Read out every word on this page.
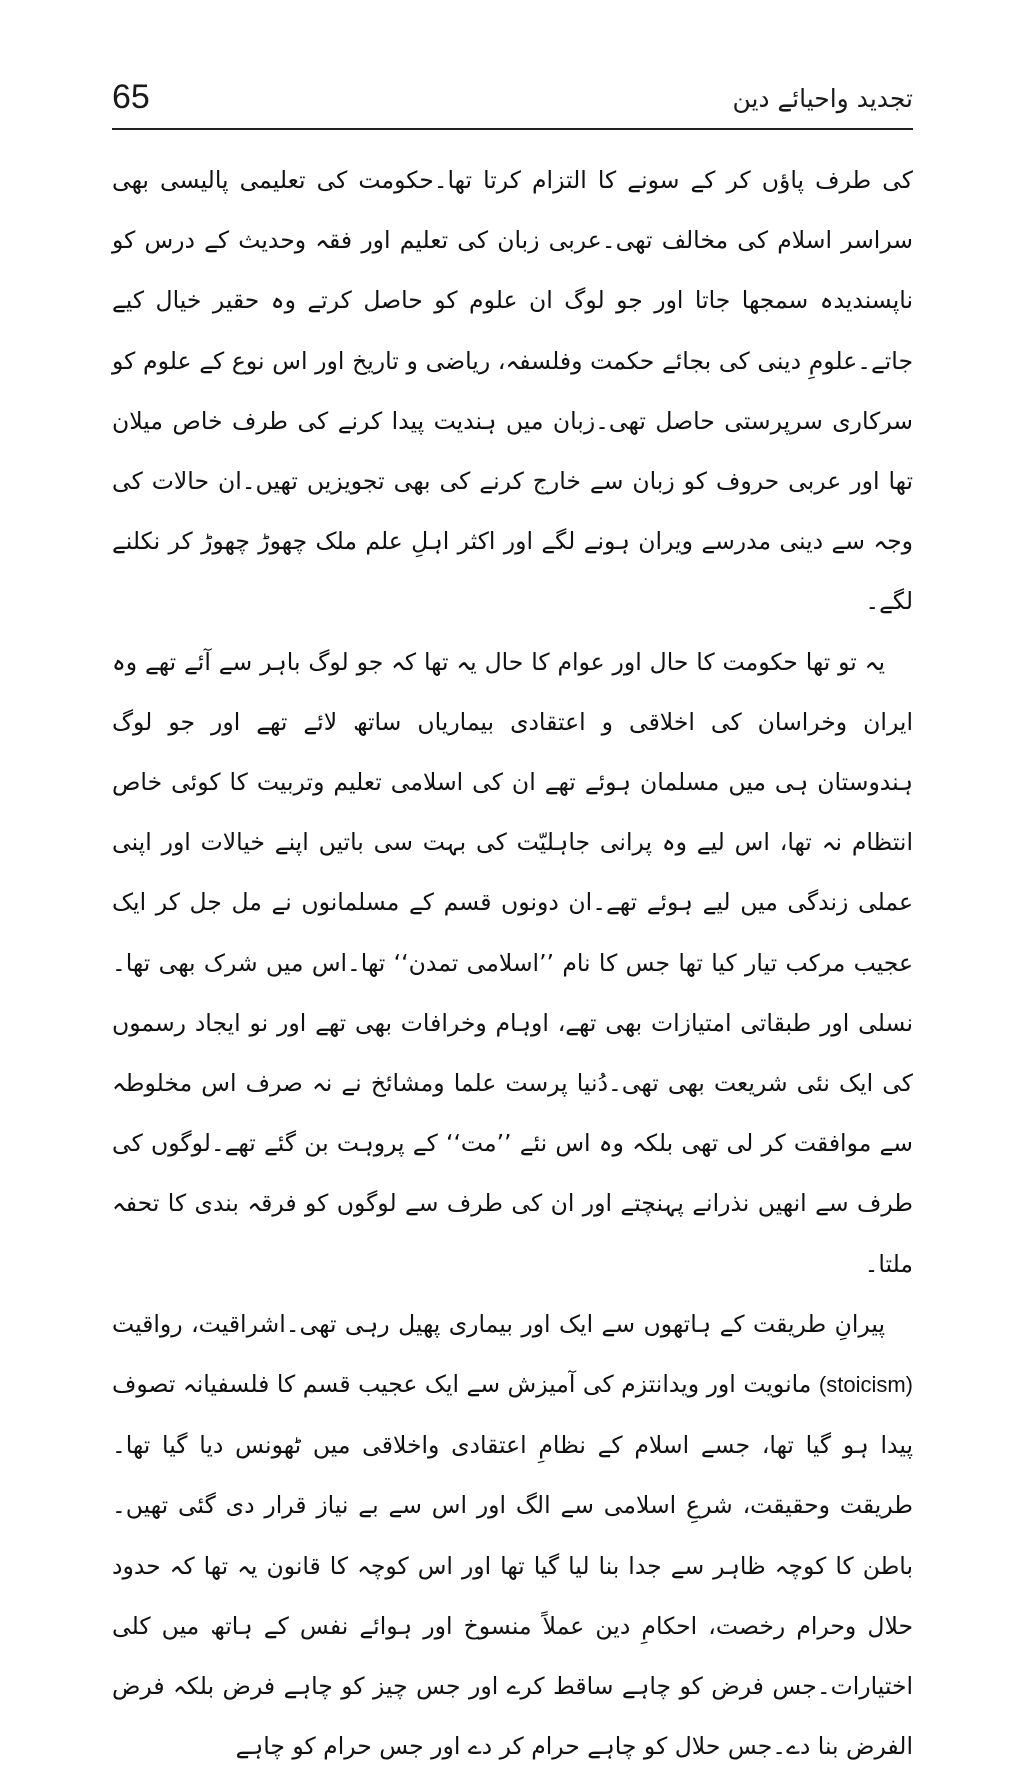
65	تجدید واحیائے دین

کی طرف پاؤں کر کے سونے کا التزام کرتا تھا۔حکومت کی تعلیمی پالیسی بھی سراسر اسلام کی مخالف تھی۔عربی زبان کی تعلیم اور فقہ وحدیث کے درس کو ناپسندیدہ سمجھا جاتا اور جو لوگ ان علوم کو حاصل کرتے وہ حقیر خیال کیے جاتے۔علومِ دینی کی بجائے حکمت وفلسفہ، ریاضی و تاریخ اور اس نوع کے علوم کو سرکاری سرپرستی حاصل تھی۔زبان میں ہندیت پیدا کرنے کی طرف خاص میلان تھا اور عربی حروف کو زبان سے خارج کرنے کی بھی تجویزیں تھیں۔ان حالات کی وجہ سے دینی مدرسے ویران ہونے لگے اور اکثر اہلِ علم ملک چھوڑ چھوڑ کر نکلنے لگے۔

یہ تو تھا حکومت کا حال اور عوام کا حال یہ تھا کہ جو لوگ باہر سے آئے تھے وہ ایران وخراسان کی اخلاقی و اعتقادی بیماریاں ساتھ لائے تھے اور جو لوگ ہندوستان ہی میں مسلمان ہوئے تھے ان کی اسلامی تعلیم وتربیت کا کوئی خاص انتظام نہ تھا، اس لیے وہ پرانی جاہلیّت کی بہت سی باتیں اپنے خیالات اور اپنی عملی زندگی میں لیے ہوئے تھے۔ان دونوں قسم کے مسلمانوں نے مل جل کر ایک عجیب مرکب تیار کیا تھا جس کا نام ’’اسلامی تمدن‘‘ تھا۔اس میں شرک بھی تھا۔نسلی اور طبقاتی امتیازات بھی تھے، اوہام وخرافات بھی تھے اور نو ایجاد رسموں کی ایک نئی شریعت بھی تھی۔دُنیا پرست علما ومشائخ نے نہ صرف اس مخلوطہ سے موافقت کر لی تھی بلکہ وہ اس نئے ’’مت‘‘ کے پروہت بن گئے تھے۔لوگوں کی طرف سے انھیں نذرانے پہنچتے اور ان کی طرف سے لوگوں کو فرقہ بندی کا تحفہ ملتا۔

پیرانِ طریقت کے ہاتھوں سے ایک اور بیماری پھیل رہی تھی۔اشراقیت، رواقیت (stoicism) مانویت اور ویدانتزم کی آمیزش سے ایک عجیب قسم کا فلسفیانہ تصوف پیدا ہو گیا تھا، جسے اسلام کے نظامِ اعتقادی واخلاقی میں ٹھونس دیا گیا تھا۔طریقت وحقیقت، شرعِ اسلامی سے الگ اور اس سے بے نیاز قرار دی گئی تھیں۔باطن کا کوچہ ظاہر سے جدا بنا لیا گیا تھا اور اس کوچہ کا قانون یہ تھا کہ حدود حلال وحرام رخصت، احکامِ دین عملاً منسوخ اور ہوائے نفس کے ہاتھ میں کلی اختیارات۔جس فرض کو چاہے ساقط کرے اور جس چیز کو چاہے فرض بلکہ فرض الفرض بنا دے۔جس حلال کو چاہے حرام کر دے اور جس حرام کو چاہے
